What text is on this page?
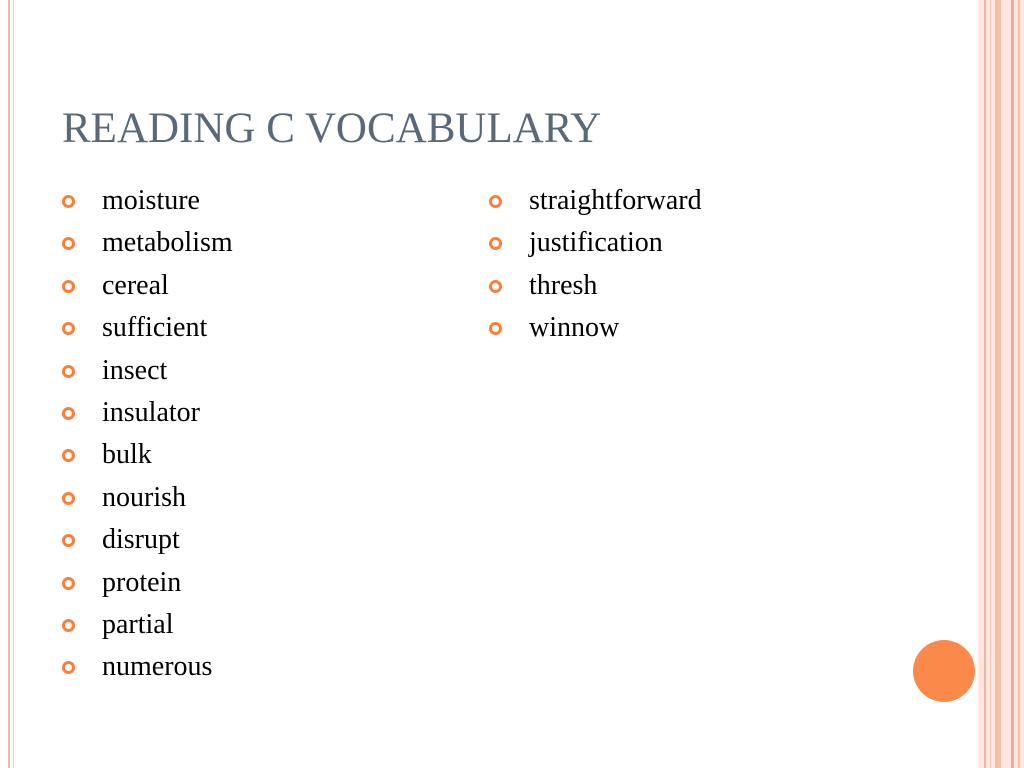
READING C VOCABULARY
moisture
metabolism
cereal
sufficient
insect
insulator
bulk
nourish
disrupt
protein
partial
numerous
straightforward
justification
thresh
winnow
